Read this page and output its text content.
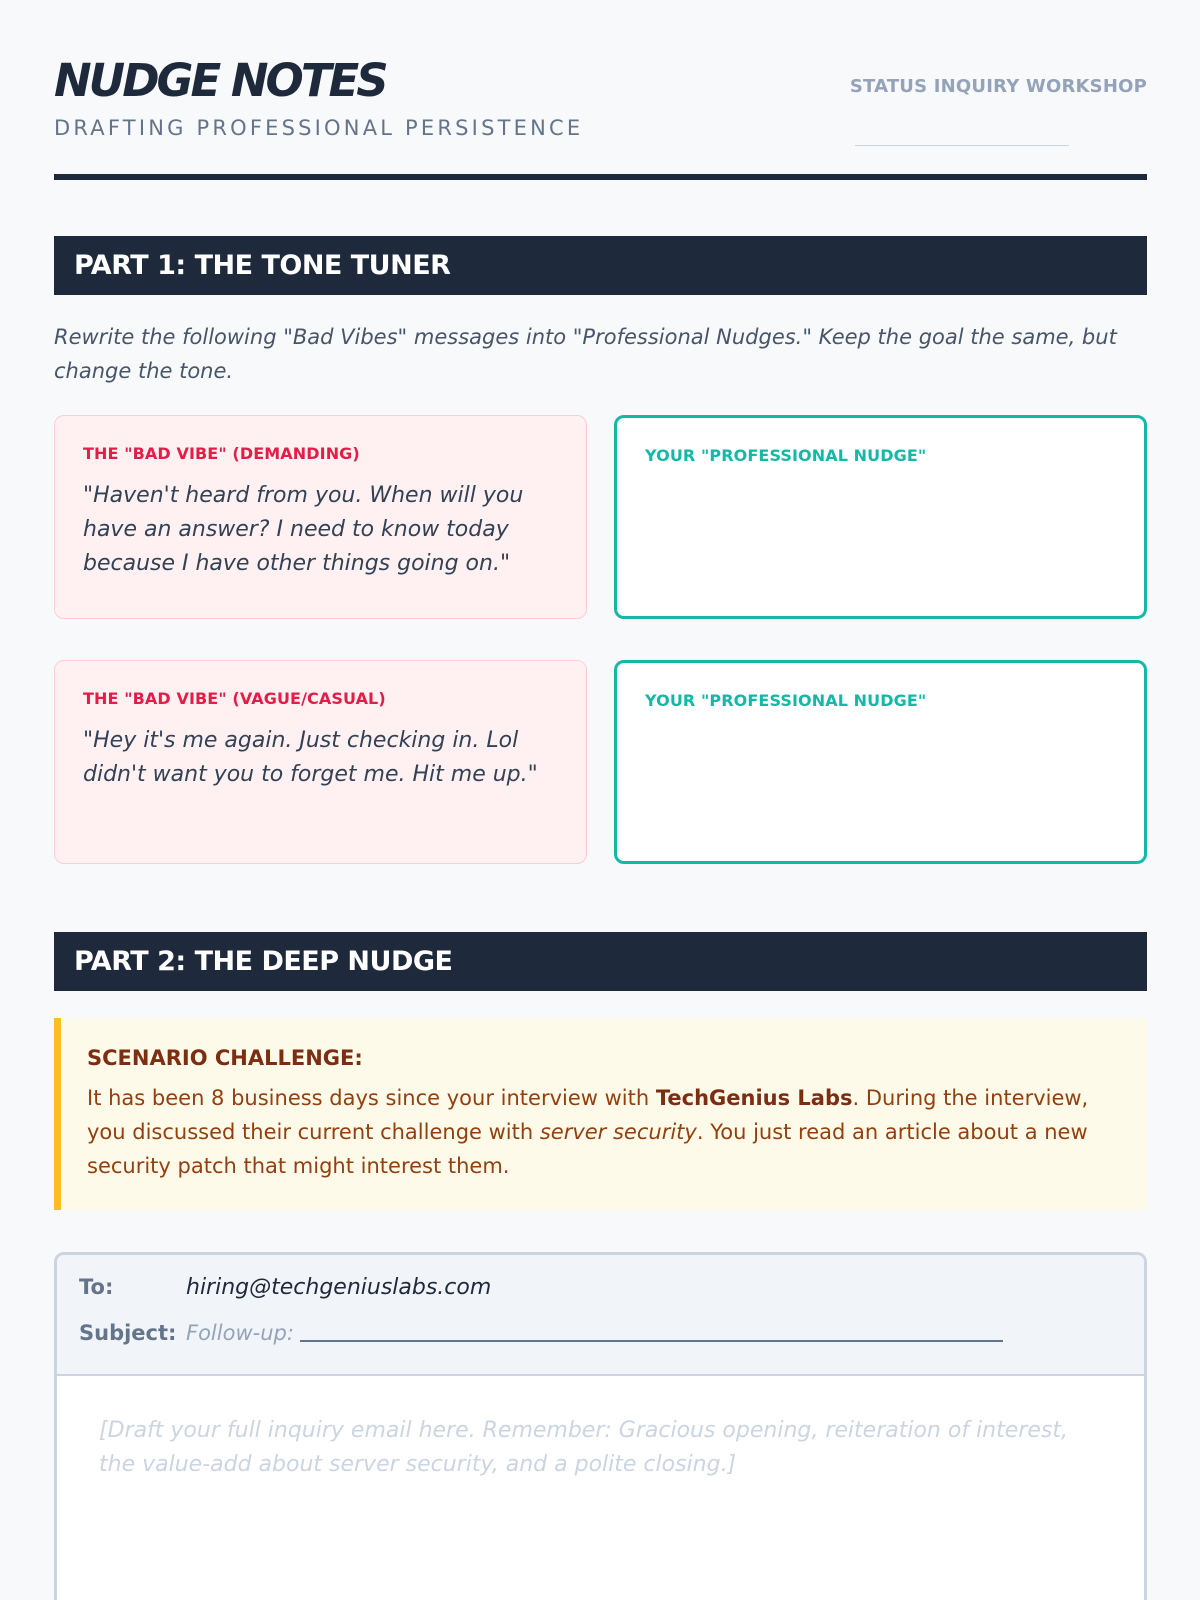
NUDGE NOTES
DRAFTING PROFESSIONAL PERSISTENCE
STATUS INQUIRY WORKSHOP
PART 1: THE TONE TUNER
Rewrite the following "Bad Vibes" messages into "Professional Nudges." Keep the goal the same, but change the tone.
THE "BAD VIBE" (DEMANDING)
"Haven't heard from you. When will you have an answer? I need to know today because I have other things going on."
YOUR "PROFESSIONAL NUDGE"
THE "BAD VIBE" (VAGUE/CASUAL)
"Hey it's me again. Just checking in. Lol didn't want you to forget me. Hit me up."
YOUR "PROFESSIONAL NUDGE"
PART 2: THE DEEP NUDGE
SCENARIO CHALLENGE:
It has been 8 business days since your interview with TechGenius Labs. During the interview, you discussed their current challenge with server security. You just read an article about a new security patch that might interest them.
To:	hiring@techgeniuslabs.com
Subject: Follow-up:
[Draft your full inquiry email here. Remember: Gracious opening, reiteration of interest, the value-add about server security, and a polite closing.]
